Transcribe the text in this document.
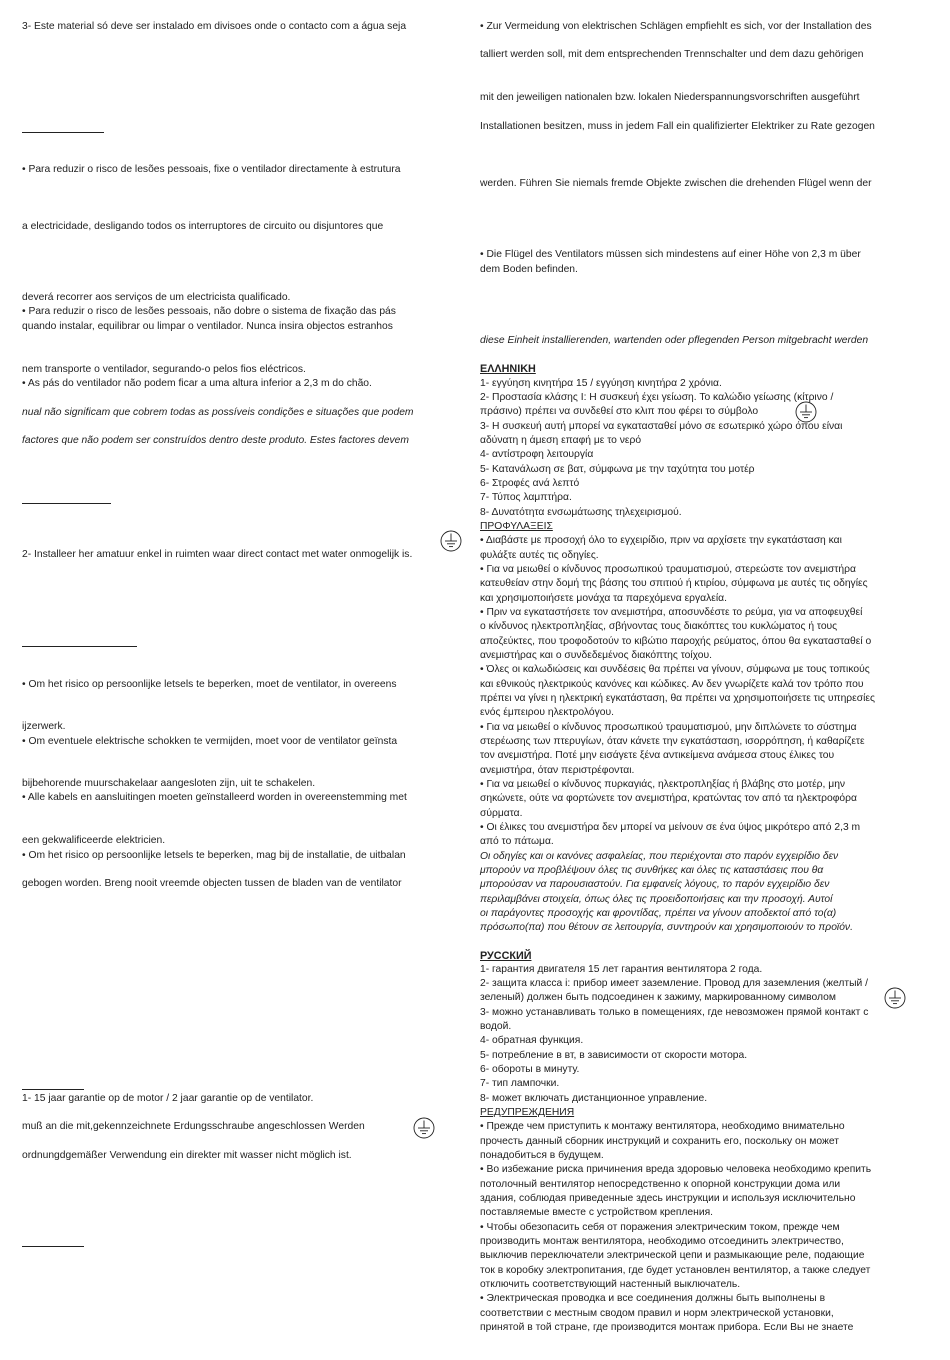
3- Este material só deve ser instalado em divisoes onde o contacto com a água seja
• Para reduzir o risco de lesões pessoais, fixe o ventilador directamente à estrutura
a electricidade, desligando todos os interruptores de circuito ou disjuntores que
deverá recorrer aos serviços de um electricista qualificado.
• Para reduzir o risco de lesões pessoais, não dobre o sistema de fixação das pás
quando instalar, equilibrar ou limpar o ventilador. Nunca insira objectos estranhos
nem transporte o ventilador, segurando-o pelos fios eléctricos.
• As pás do ventilador não podem ficar a uma altura inferior a 2,3 m do chão.
nual não significam que cobrem todas as possíveis condições e situações que podem
factores que não podem ser construídos dentro deste produto. Estes factores devem
2- Installeer her amatuur enkel in ruimten waar direct contact met water onmogelijk is.
• Om het risico op persoonlijke letsels te beperken, moet de ventilator, in overeens
ijzerwerk.
• Om eventuele elektrische schokken te vermijden, moet voor de ventilator geïnsta
bijbehorende muurschakelaar aangesloten zijn, uit te schakelen.
• Alle kabels en aansluitingen moeten geïnstalleerd worden in overeenstemming met
een gekwalificeerde elektricien.
• Om het risico op persoonlijke letsels te beperken, mag bij de installatie, de uitbalan
gebogen worden. Breng nooit vreemde objecten tussen de bladen van de ventilator
1- 15 jaar garantie op de motor / 2 jaar garantie op de ventilator.
muß an die mit,gekennzeichnete Erdungsschraube angeschlossen Werden
ordnungdgemäßer Verwendung ein direkter mit wasser nicht möglich ist.
• Zur Vermeidung von elektrischen Schlägen empfiehlt es sich, vor der Installation des
talliert werden soll, mit dem entsprechenden Trennschalter und dem dazu gehörigen
mit den jeweiligen nationalen bzw. lokalen Niederspannungsvorschriften ausgeführt
Installationen besitzen, muss in jedem Fall ein qualifizierter Elektriker zu Rate gezogen
werden. Führen Sie niemals fremde Objekte zwischen die drehenden Flügel wenn der
• Die Flügel des Ventilators müssen sich mindestens auf einer Höhe von 2,3 m über
dem Boden befinden.
diese Einheit installierenden, wartenden oder pflegenden Person mitgebracht werden
ΕΛΛΗΝΙΚΗ
1- εγγύηση κινητήρα 15 / εγγύηση κινητήρα 2 χρόνια.
2- Προστασία κλάσης I: Η συσκευή έχει γείωση. Το καλώδιο γείωσης (κίτρινο /
πράσινο) πρέπει να συνδεθεί στο κλιπ που φέρει το σύμβολο
3- Η συσκευή αυτή μπορεί να εγκατασταθεί μόνο σε εσωτερικό χώρο όπου είναι
αδύνατη η άμεση επαφή με το νερό
4- αντίστροφη λειτουργία
5- Κατανάλωση σε βατ, σύμφωνα με την ταχύτητα του μοτέρ
6- Στροφές ανά λεπτό
7- Τύπος λαμπτήρα.
8- Δυνατότητα ενσωμάτωσης τηλεχειρισμού.
ΠΡΟΦΥΛΑΞΕΙΣ
• Διαβάστε με προσοχή όλο το εγχειρίδιο, πριν να αρχίσετε την εγκατάσταση και
φυλάξτε αυτές τις οδηγίες.
• Για να μειωθεί ο κίνδυνος προσωπικού τραυματισμού, στερεώστε τον ανεμιστήρα
κατευθείαν στην δομή της βάσης του σπιτιού ή κτιρίου, σύμφωνα με αυτές τις οδηγίες
και χρησιμοποιήσετε μονάχα τα παρεχόμενα εργαλεία.
• Πριν να εγκαταστήσετε τον ανεμιστήρα, αποσυνδέστε το ρεύμα, για να αποφευχθεί
ο κίνδυνος ηλεκτροπληξίας, σβήνοντας τους διακόπτες του κυκλώματος ή τους
αποζεύκτες, που τροφοδοτούν το κιβώτιο παροχής ρεύματος, όπου θα εγκατασταθεί ο
ανεμιστήρας και ο συνδεδεμένος διακόπτης τοίχου.
• Όλες οι καλωδιώσεις και συνδέσεις θα πρέπει να γίνουν, σύμφωνα με τους τοπικούς
και εθνικούς ηλεκτρικούς κανόνες και κώδικες. Αν δεν γνωρίζετε καλά τον τρόπο που
πρέπει να γίνει η ηλεκτρική εγκατάσταση, θα πρέπει να χρησιμοποιήσετε τις υπηρεσίες
ενός έμπειρου ηλεκτρολόγου.
• Για να μειωθεί ο κίνδυνος προσωπικού τραυματισμού, μην διπλώνετε το σύστημα
στερέωσης των πτερυγίων, όταν κάνετε την εγκατάσταση, ισορρόπηση, ή καθαρίζετε
τον ανεμιστήρα. Ποτέ μην εισάγετε ξένα αντικείμενα ανάμεσα στους έλικες του
ανεμιστήρα, όταν περιστρέφονται.
• Για να μειωθεί ο κίνδυνος πυρκαγιάς, ηλεκτροπληξίας ή βλάβης στο μοτέρ, μην
σηκώνετε, ούτε να φορτώνετε τον ανεμιστήρα, κρατώντας τον από τα ηλεκτροφόρα
σύρματα.
• Οι έλικες του ανεμιστήρα δεν μπορεί να μείνουν σε ένα ύψος μικρότερο από 2,3 m
από το πάτωμα.
Οι οδηγίες και οι κανόνες ασφαλείας, που περιέχονται στο παρόν εγχειρίδιο δεν
μπορούν να προβλέψουν όλες τις συνθήκες και όλες τις καταστάσεις που θα
μπορούσαν να παρουσιαστούν. Για εμφανείς λόγους, το παρόν εγχειρίδιο δεν
περιλαμβάνει στοιχεία, όπως όλες τις προειδοποιήσεις και την προσοχή. Αυτοί
οι παράγοντες προσοχής και φροντίδας, πρέπει να γίνουν αποδεκτοί από το(α)
πρόσωπο(πα) που θέτουν σε λειτουργία, συντηρούν και χρησιμοποιούν το προϊόν.
РУССКИЙ
1- гарантия двигателя 15 лет гарантия вентилятора 2 года.
2- защита класса i: прибор имеет заземление. Провод для заземления (желтый /
зеленый) должен быть подсоединен к зажиму, маркированному символом
3- можно устанавливать только в помещениях, где невозможен прямой контакт с
водой.
4- обратная функция.
5- потребление в вт, в зависимости от скорости мотора.
6- обороты в минуту.
7- тип лампочки.
8- может включать дистанционное управление.
РЕДУПРЕЖДЕНИЯ
• Прежде чем приступить к монтажу вентилятора, необходимо внимательно
прочесть данный сборник инструкций и сохранить его, поскольку он может
понадобиться в будущем.
• Во избежание риска причинения вреда здоровью человека необходимо крепить
потолочный вентилятор непосредственно к опорной конструкции дома или
здания, соблюдая приведенные здесь инструкции и используя исключительно
поставляемые вместе с устройством крепления.
• Чтобы обезопасить себя от поражения электрическим током, прежде чем
производить монтаж вентилятора, необходимо отсоединить электричество,
выключив переключатели электрической цепи и размыкающие реле, подающие
ток в коробку электропитания, где будет установлен вентилятор, а также следует
отключить соответствующий настенный выключатель.
• Электрическая проводка и все соединения должны быть выполнены в
соответствии с местным сводом правил и норм электрической установки,
принятой в той стране, где производится монтаж прибора. Если Вы не знаете
